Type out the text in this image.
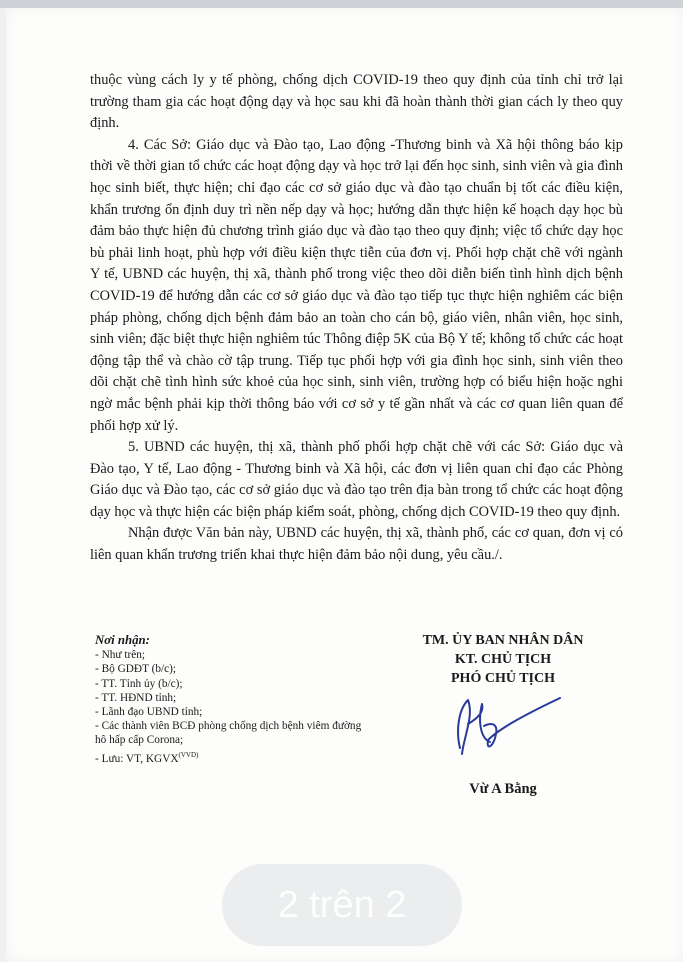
thuộc vùng cách ly y tế phòng, chống dịch COVID-19 theo quy định của tỉnh chỉ trở lại trường tham gia các hoạt động dạy và học sau khi đã hoàn thành thời gian cách ly theo quy định.

4. Các Sở: Giáo dục và Đào tạo, Lao động -Thương binh và Xã hội thông báo kịp thời về thời gian tổ chức các hoạt động dạy và học trở lại đến học sinh, sinh viên và gia đình học sinh biết, thực hiện; chỉ đạo các cơ sở giáo dục và đào tạo chuẩn bị tốt các điều kiện, khẩn trương ổn định duy trì nền nếp dạy và học; hướng dẫn thực hiện kế hoạch dạy học bù đảm bảo thực hiện đủ chương trình giáo dục và đào tạo theo quy định; việc tổ chức dạy học bù phải linh hoạt, phù hợp với điều kiện thực tiễn của đơn vị. Phối hợp chặt chẽ với ngành Y tế, UBND các huyện, thị xã, thành phố trong việc theo dõi diễn biến tình hình dịch bệnh COVID-19 để hướng dẫn các cơ sở giáo dục và đào tạo tiếp tục thực hiện nghiêm các biện pháp phòng, chống dịch bệnh đảm bảo an toàn cho cán bộ, giáo viên, nhân viên, học sinh, sinh viên; đặc biệt thực hiện nghiêm túc Thông điệp 5K của Bộ Y tế; không tổ chức các hoạt động tập thể và chào cờ tập trung. Tiếp tục phối hợp với gia đình học sinh, sinh viên theo dõi chặt chẽ tình hình sức khoẻ của học sinh, sinh viên, trường hợp có biểu hiện hoặc nghi ngờ mắc bệnh phải kịp thời thông báo với cơ sở y tế gần nhất và các cơ quan liên quan để phối hợp xử lý.

5. UBND các huyện, thị xã, thành phố phối hợp chặt chẽ với các Sở: Giáo dục và Đào tạo, Y tế, Lao động - Thương binh và Xã hội, các đơn vị liên quan chỉ đạo các Phòng Giáo dục và Đào tạo, các cơ sở giáo dục và đào tạo trên địa bàn trong tổ chức các hoạt động dạy học và thực hiện các biện pháp kiểm soát, phòng, chống dịch COVID-19 theo quy định.

Nhận được Văn bản này, UBND các huyện, thị xã, thành phố, các cơ quan, đơn vị có liên quan khẩn trương triển khai thực hiện đảm bảo nội dung, yêu cầu./.

Nơi nhận:
- Như trên;
- Bộ GDĐT (b/c);
- TT. Tỉnh ủy (b/c);
- TT. HĐND tỉnh;
- Lãnh đạo UBND tỉnh;
- Các thành viên BCĐ phòng chống dịch bệnh viêm đường hô hấp cấp Corona;
- Lưu: VT, $KGVX^{(VVD)}$
TM. ỦY BAN NHÂN DÂN
KT. CHỦ TỊCH
PHÓ CHỦ TỊCH
Vừ A Bằng
2 trên 2
